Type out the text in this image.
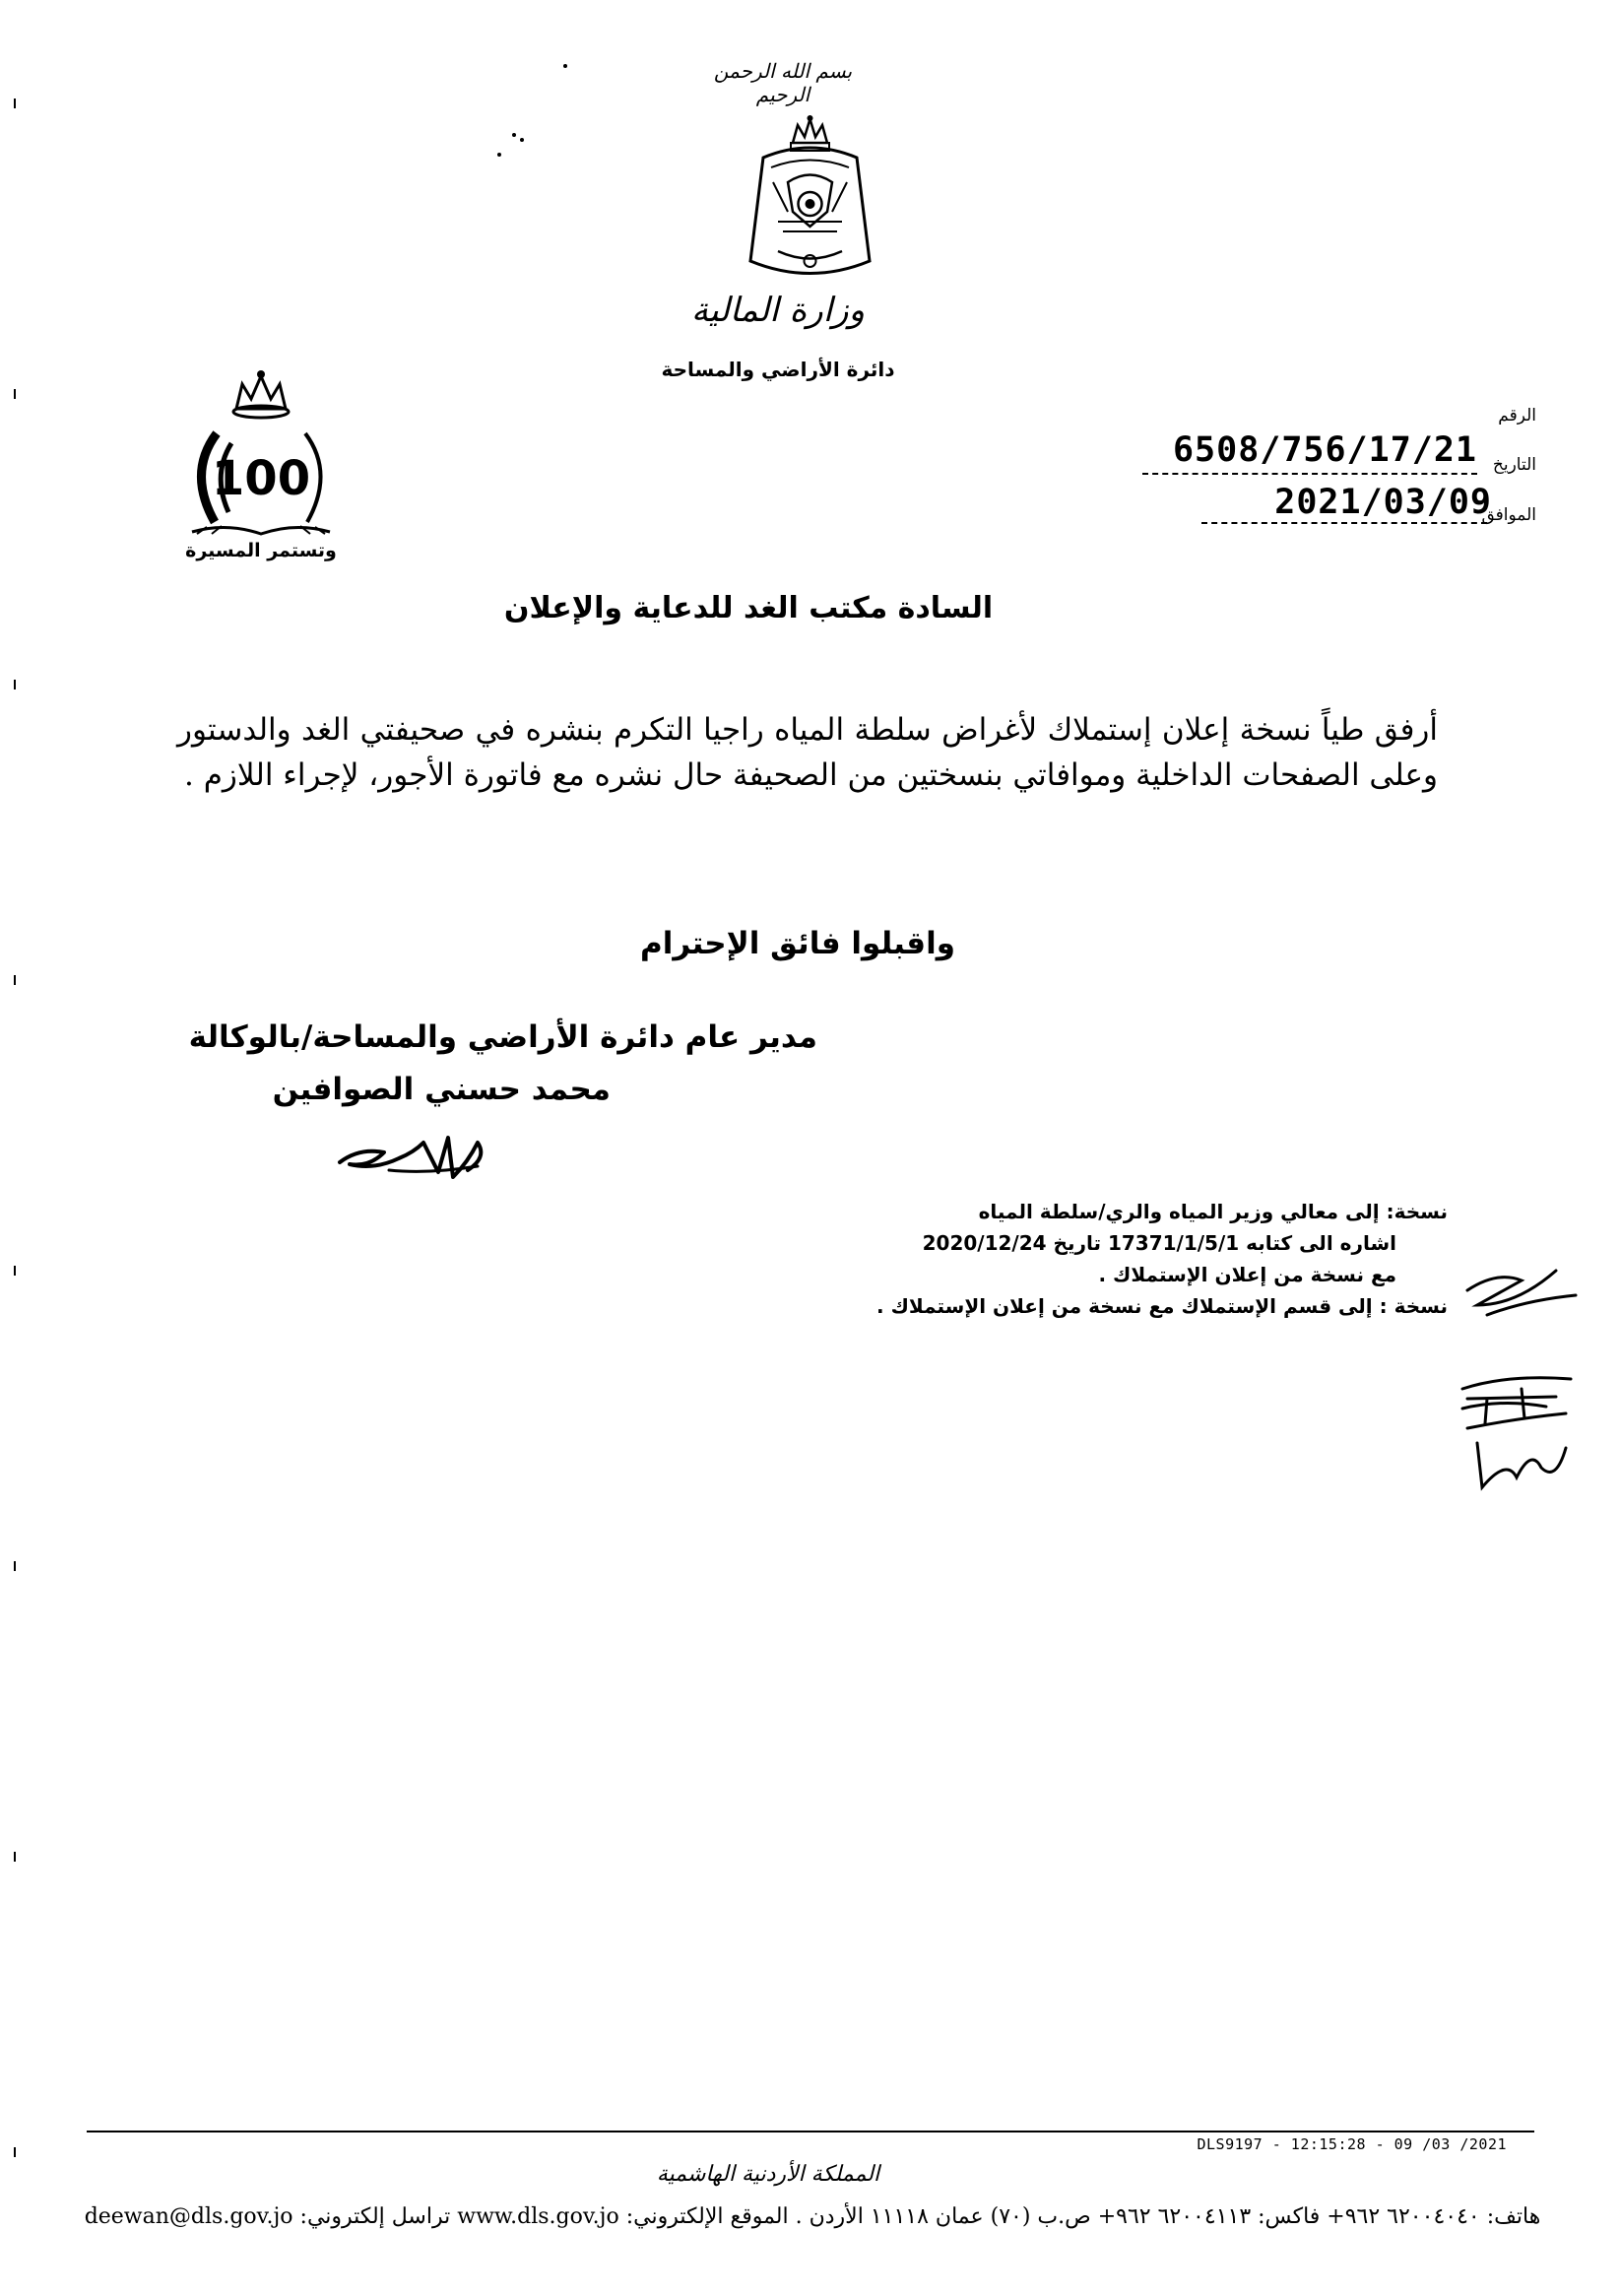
بسم الله الرحمن الرحيم
وزارة المالية
دائرة الأراضي والمساحة
100
وتستمر المسيرة
الرقم
6508/756/17/21 التاريخ
2021/03/09
الموافق
السادة مكتب الغد للدعاية والإعلان
أرفق طياً نسخة إعلان إستملاك لأغراض سلطة المياه راجيا التكرم بنشره في صحيفتي الغد والدستور وعلى الصفحات الداخلية وموافاتي بنسختين من الصحيفة حال نشره مع فاتورة الأجور، لإجراء اللازم .
واقبلوا فائق الإحترام
مدير عام دائرة الأراضي والمساحة/بالوكالة
محمد حسني الصوافين
نسخة: إلى معالي وزير المياه والري/سلطة المياه
اشاره الى كتابه 17371/1/5/1 تاريخ 2020/12/24
مع نسخة من إعلان الإستملاك .
نسخة : إلى قسم الإستملاك مع نسخة من إعلان الإستملاك .
DLS9197 - 12:15:28 - 09 /03 /2021
المملكة الأردنية الهاشمية
هاتف: ٦٢٠٠٤٠٤٠ ٩٦٢+ فاكس: ٦٢٠٠٤١١٣ ٩٦٢+ ص.ب (٧٠) عمان ١١١١٨ الأردن . الموقع الإلكتروني: www.dls.gov.jo تراسل إلكتروني: deewan@dls.gov.jo
